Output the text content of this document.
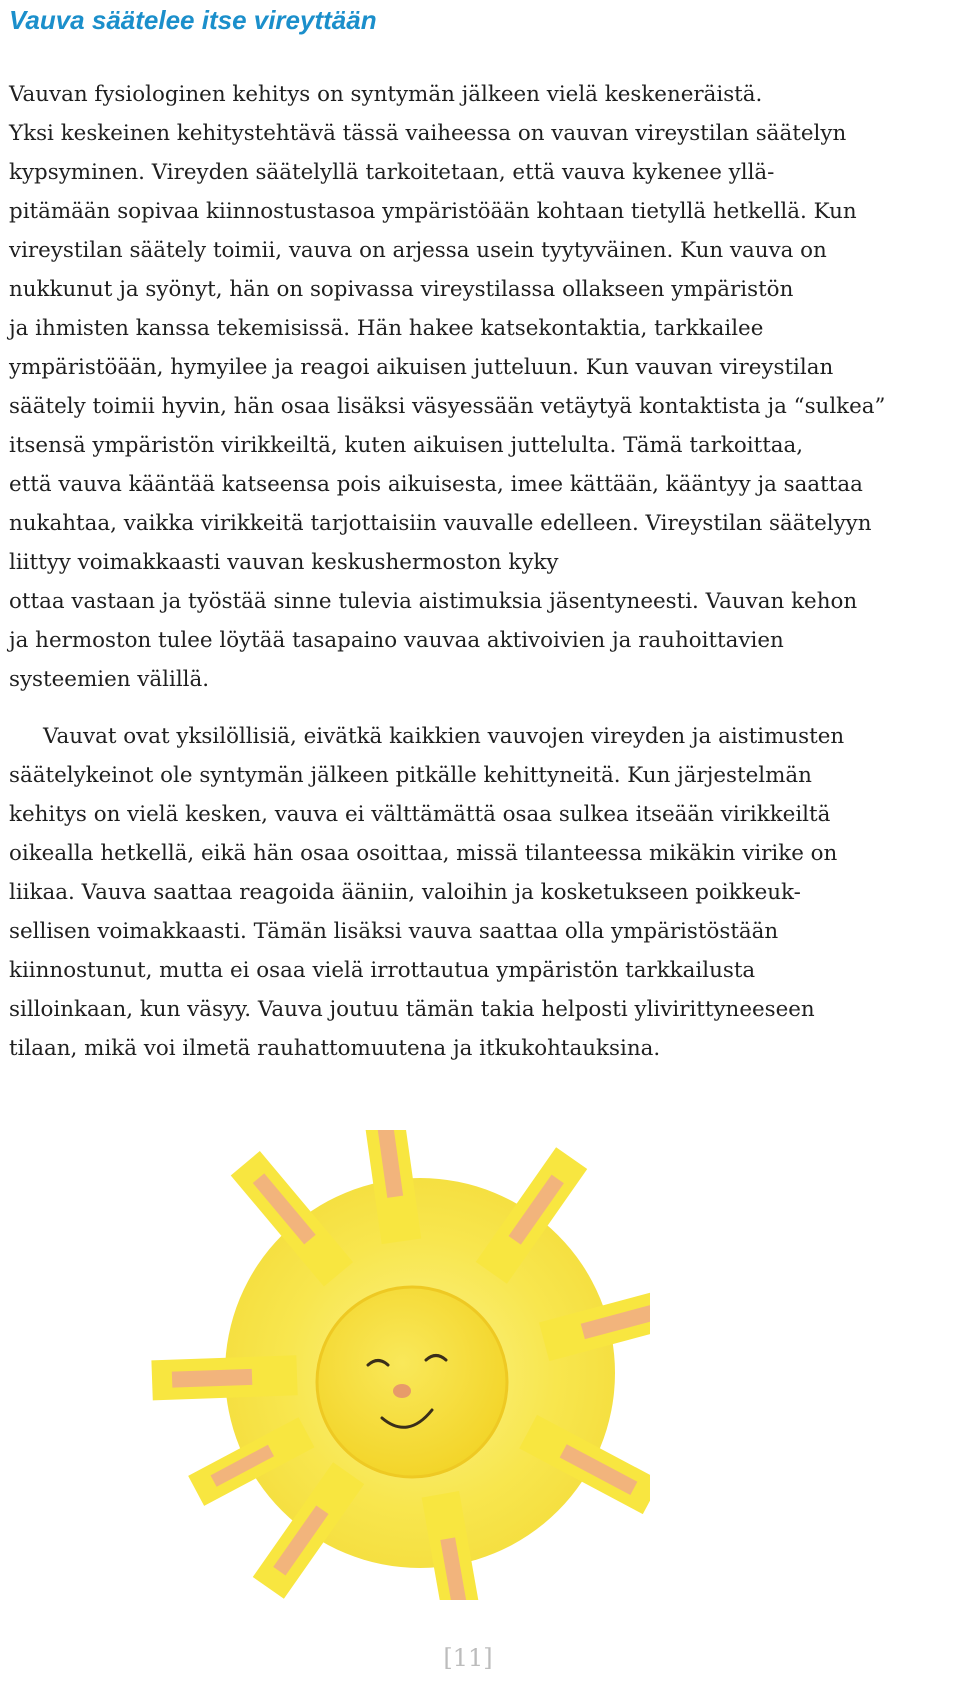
Vauva säätelee itse vireyttään

Vauvan fysiologinen kehitys on syntymän jälkeen vielä keskeneräistä.
Yksi keskeinen kehitystehtävä tässä vaiheessa on vauvan vireystilan säätelyn
kypsyminen. Vireyden säätelyllä tarkoitetaan, että vauva kykenee yllä-
pitämään sopivaa kiinnostustasoa ympäristöään kohtaan tietyllä hetkellä. Kun
vireystilan säätely toimii, vauva on arjessa usein tyytyväinen. Kun vauva on
nukkunut ja syönyt, hän on sopivassa vireystilassa ollakseen ympäristön
ja ihmisten kanssa tekemisissä. Hän hakee katsekontaktia, tarkkailee
ympäristöään, hymyilee ja reagoi aikuisen jutteluun. Kun vauvan vireystilan
säätely toimii hyvin, hän osaa lisäksi väsyessään vetäytyä kontaktista ja “sulkea”
itsensä ympäristön virikkeiltä, kuten aikuisen juttelulta. Tämä tarkoittaa,
että vauva kääntää katseensa pois aikuisesta, imee kättään, kääntyy ja saattaa
nukahtaa, vaikka virikkeitä tarjottaisiin vauvalle edelleen. Vireystilan säätelyyn
liittyy voimakkaasti vauvan keskushermoston kyky
ottaa vastaan ja työstää sinne tulevia aistimuksia jäsentyneesti. Vauvan kehon
ja hermoston tulee löytää tasapaino vauvaa aktivoivien ja rauhoittavien
systeemien välillä.

Vauvat ovat yksilöllisiä, eivätkä kaikkien vauvojen vireyden ja aistimusten
säätelykeinot ole syntymän jälkeen pitkälle kehittyneitä. Kun järjestelmän
kehitys on vielä kesken, vauva ei välttämättä osaa sulkea itseään virikkeiltä
oikealla hetkellä, eikä hän osaa osoittaa, missä tilanteessa mikäkin virike on
liikaa. Vauva saattaa reagoida ääniin, valoihin ja kosketukseen poikkeuk-
sellisen voimakkaasti. Tämän lisäksi vauva saattaa olla ympäristöstään
kiinnostunut, mutta ei osaa vielä irrottautua ympäristön tarkkailusta
silloinkaan, kun väsyy. Vauva joutuu tämän takia helposti ylivirittyneeseen
tilaan, mikä voi ilmetä rauhattomuutena ja itkukohtauksina.

[11]
